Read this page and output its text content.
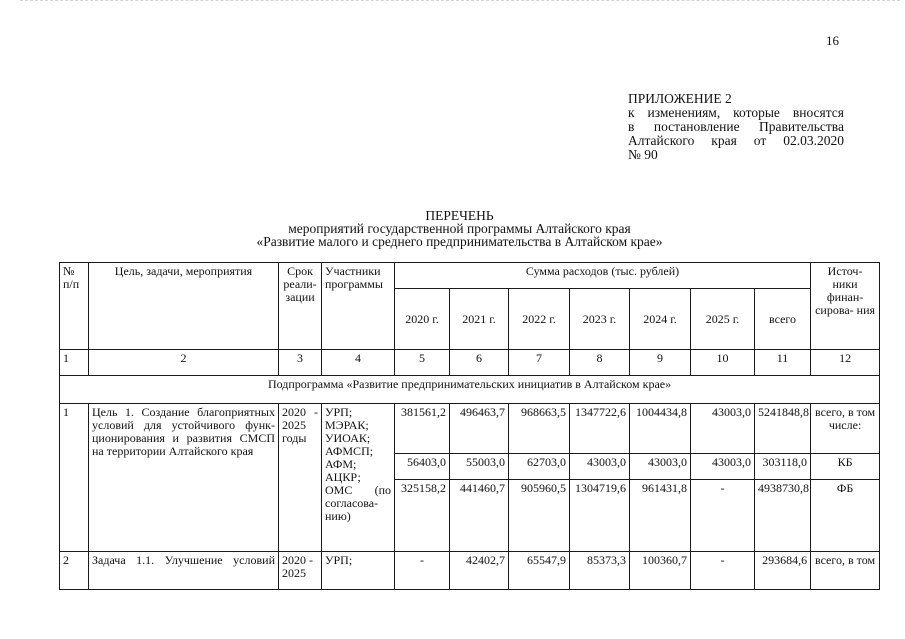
16
ПРИЛОЖЕНИЕ 2
к изменениям, которые вносятся
в постановление Правительства
Алтайского края от 02.03.2020
№ 90
ПЕРЕЧЕНЬ
мероприятий государственной программы Алтайского края
«Развитие малого и среднего предпринимательства в Алтайском крае»
№ п/п	Цель, задачи, мероприятия	Срок реали- зации	Участники программы	Сумма расходов (тыс. рублей)							Источ- ники финан- сирова- ния
				2020 г.	2021 г.	2022 г.	2023 г.	2024 г.	2025 г.	всего	
1	2	3	4	5	6	7	8	9	10	11	12
Подпрограмма «Развитие предпринимательских инициатив в Алтайском крае»											
1	Цель 1. Создание благоприятных условий для устойчивого функ- ционирования и развития СМСП на территории Алтайского края	2020 - 2025 годы	УРП; МЭРАК; УИОАК; АФМСП; АФМ; АЦКР; ОМС (по согласова- нию)	381561,2	496463,7	968663,5	1347722,6	1004434,8	43003,0	5241848,8	всего, в том числе:
				56403,0	55003,0	62703,0	43003,0	43003,0	43003,0	303118,0	КБ
				325158,2	441460,7	905960,5	1304719,6	961431,8	-	4938730,8	ФБ
2	Задача 1.1. Улучшение условий	2020 - 2025	УРП;	-	42402,7	65547,9	85373,3	100360,7	-	293684,6	всего, в том
